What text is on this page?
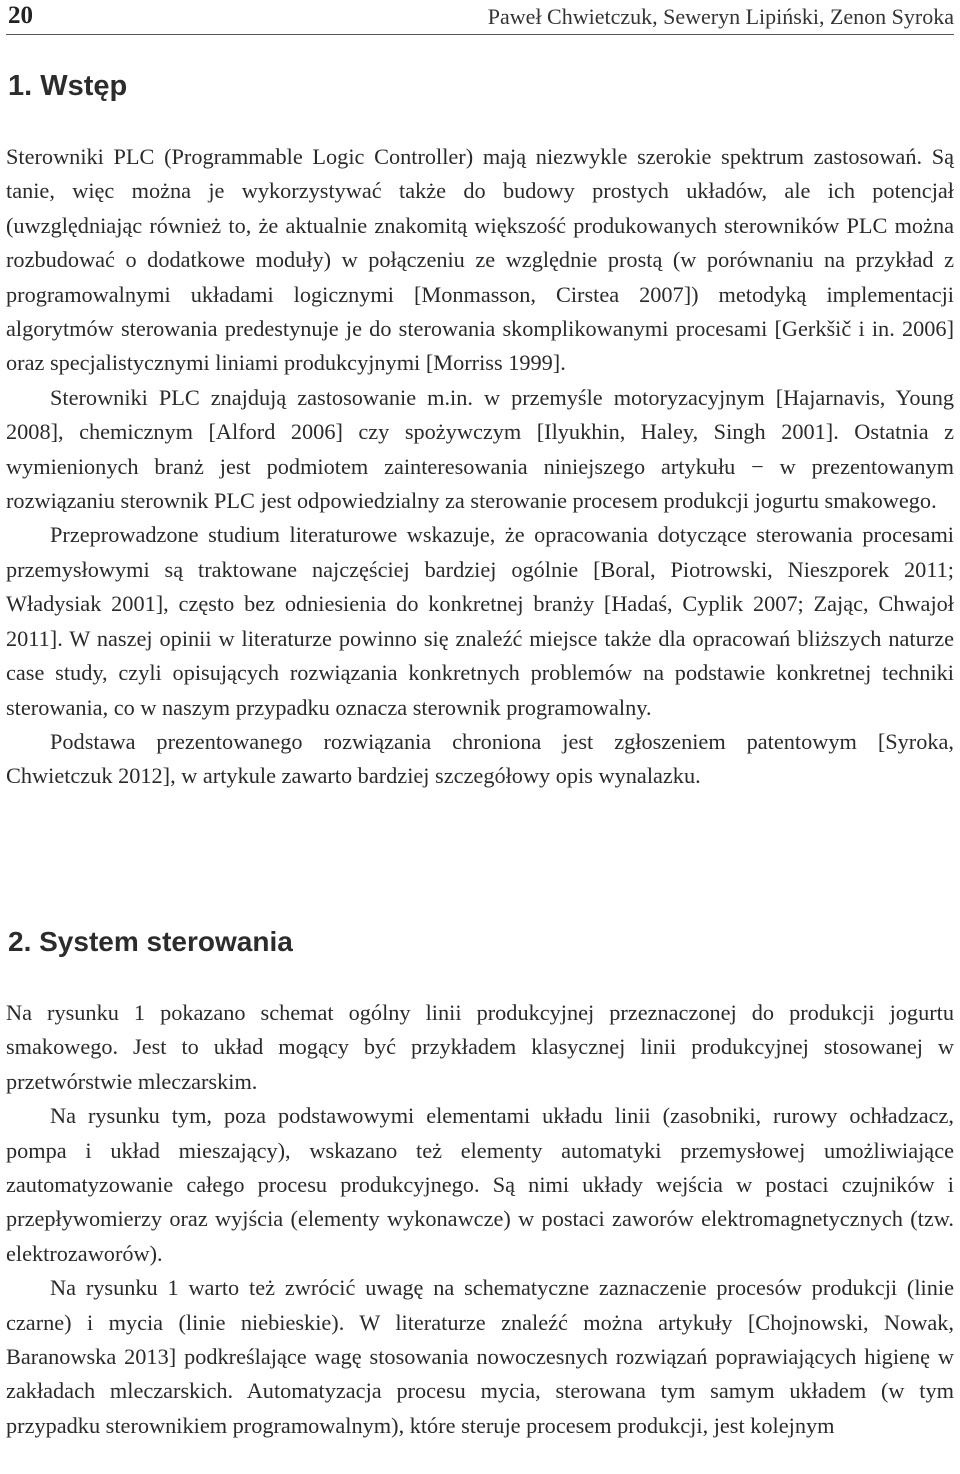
20	Paweł Chwietczuk, Seweryn Lipiński, Zenon Syroka
1. Wstęp

Sterowniki PLC (Programmable Logic Controller) mają niezwykle szerokie spektrum zastosowań. Są tanie, więc można je wykorzystywać także do budowy prostych układów, ale ich potencjał (uwzględniając również to, że aktualnie znakomitą większość produkowanych sterowników PLC można rozbudować o dodatkowe moduły) w połączeniu ze względnie prostą (w porównaniu na przykład z programowalnymi układami logicznymi [Monmasson, Cirstea 2007]) metodyką implementacji algorytmów sterowania predestynuje je do sterowania skomplikowanymi procesami [Gerkšič i in. 2006] oraz specjalistycznymi liniami produkcyjnymi [Morriss 1999].

Sterowniki PLC znajdują zastosowanie m.in. w przemyśle motoryzacyjnym [Hajarnavis, Young 2008], chemicznym [Alford 2006] czy spożywczym [Ilyukhin, Haley, Singh 2001]. Ostatnia z wymienionych branż jest podmiotem zainteresowania niniejszego artykułu − w prezentowanym rozwiązaniu sterownik PLC jest odpowiedzialny za sterowanie procesem produkcji jogurtu smakowego.

Przeprowadzone studium literaturowe wskazuje, że opracowania dotyczące sterowania procesami przemysłowymi są traktowane najczęściej bardziej ogólnie [Boral, Piotrowski, Nieszporek 2011; Władysiak 2001], często bez odniesienia do konkretnej branży [Hadaś, Cyplik 2007; Zając, Chwajoł 2011]. W naszej opinii w literaturze powinno się znaleźć miejsce także dla opracowań bliższych naturze case study, czyli opisujących rozwiązania konkretnych problemów na podstawie konkretnej techniki sterowania, co w naszym przypadku oznacza sterownik programowalny.

Podstawa prezentowanego rozwiązania chroniona jest zgłoszeniem patentowym [Syroka, Chwietczuk 2012], w artykule zawarto bardziej szczegółowy opis wynalazku.

2. System sterowania

Na rysunku 1 pokazano schemat ogólny linii produkcyjnej przeznaczonej do produkcji jogurtu smakowego. Jest to układ mogący być przykładem klasycznej linii produkcyjnej stosowanej w przetwórstwie mleczarskim.

Na rysunku tym, poza podstawowymi elementami układu linii (zasobniki, rurowy ochładzacz, pompa i układ mieszający), wskazano też elementy automatyki przemysłowej umożliwiające zautomatyzowanie całego procesu produkcyjnego. Są nimi układy wejścia w postaci czujników i przepływomierzy oraz wyjścia (elementy wykonawcze) w postaci zaworów elektromagnetycznych (tzw. elektrozaworów).

Na rysunku 1 warto też zwrócić uwagę na schematyczne zaznaczenie procesów produkcji (linie czarne) i mycia (linie niebieskie). W literaturze znaleźć można artykuły [Chojnowski, Nowak, Baranowska 2013] podkreślające wagę stosowania nowoczesnych rozwiązań poprawiających higienę w zakładach mleczarskich. Automatyzacja procesu mycia, sterowana tym samym układem (w tym przypadku sterownikiem programowalnym), które steruje procesem produkcji, jest kolejnym
